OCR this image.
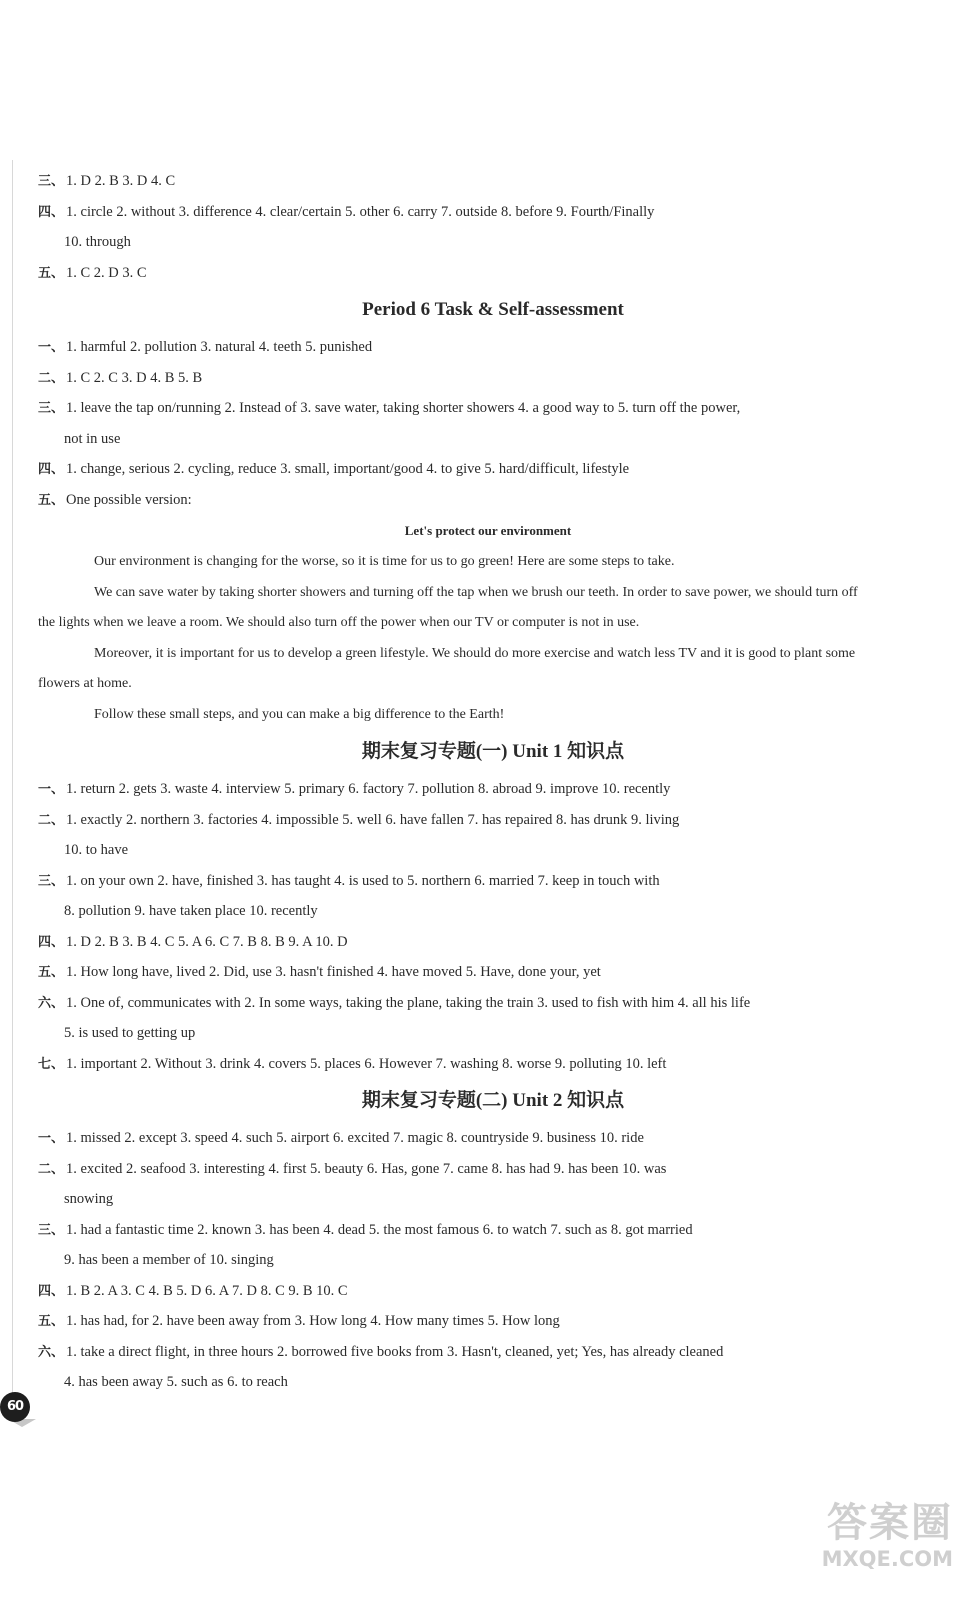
三、 1. D 2. B 3. D 4. C
四、 1. circle 2. without 3. difference 4. clear/certain 5. other 6. carry 7. outside 8. before 9. Fourth/Finally
10. through
五、 1. C 2. D 3. C
Period 6 Task & Self-assessment
一、 1. harmful 2. pollution 3. natural 4. teeth 5. punished
二、 1. C 2. C 3. D 4. B 5. B
三、 1. leave the tap on/running 2. Instead of 3. save water, taking shorter showers 4. a good way to 5. turn off the power,
not in use
四、 1. change, serious 2. cycling, reduce 3. small, important/good 4. to give 5. hard/difficult, lifestyle
五、 One possible version:
Let's protect our environment
Our environment is changing for the worse, so it is time for us to go green! Here are some steps to take.
We can save water by taking shorter showers and turning off the tap when we brush our teeth. In order to save power, we should turn off the lights when we leave a room. We should also turn off the power when our TV or computer is not in use.
Moreover, it is important for us to develop a green lifestyle. We should do more exercise and watch less TV and it is good to plant some flowers at home.
Follow these small steps, and you can make a big difference to the Earth!
期末复习专题(一) Unit 1 知识点
一、 1. return 2. gets 3. waste 4. interview 5. primary 6. factory 7. pollution 8. abroad 9. improve 10. recently
二、 1. exactly 2. northern 3. factories 4. impossible 5. well 6. have fallen 7. has repaired 8. has drunk 9. living
10. to have
三、 1. on your own 2. have, finished 3. has taught 4. is used to 5. northern 6. married 7. keep in touch with
8. pollution 9. have taken place 10. recently
四、 1. D 2. B 3. B 4. C 5. A 6. C 7. B 8. B 9. A 10. D
五、 1. How long have, lived 2. Did, use 3. hasn't finished 4. have moved 5. Have, done your, yet
六、 1. One of, communicates with 2. In some ways, taking the plane, taking the train 3. used to fish with him 4. all his life
5. is used to getting up
七、 1. important 2. Without 3. drink 4. covers 5. places 6. However 7. washing 8. worse 9. polluting 10. left
期末复习专题(二) Unit 2 知识点
一、 1. missed 2. except 3. speed 4. such 5. airport 6. excited 7. magic 8. countryside 9. business 10. ride
二、 1. excited 2. seafood 3. interesting 4. first 5. beauty 6. Has, gone 7. came 8. has had 9. has been 10. was
snowing
三、 1. had a fantastic time 2. known 3. has been 4. dead 5. the most famous 6. to watch 7. such as 8. got married
9. has been a member of 10. singing
四、 1. B 2. A 3. C 4. B 5. D 6. A 7. D 8. C 9. B 10. C
五、 1. has had, for 2. have been away from 3. How long 4. How many times 5. How long
六、 1. take a direct flight, in three hours 2. borrowed five books from 3. Hasn't, cleaned, yet; Yes, has already cleaned
4. has been away 5. such as 6. to reach
60
答案圈
MXQE.COM
